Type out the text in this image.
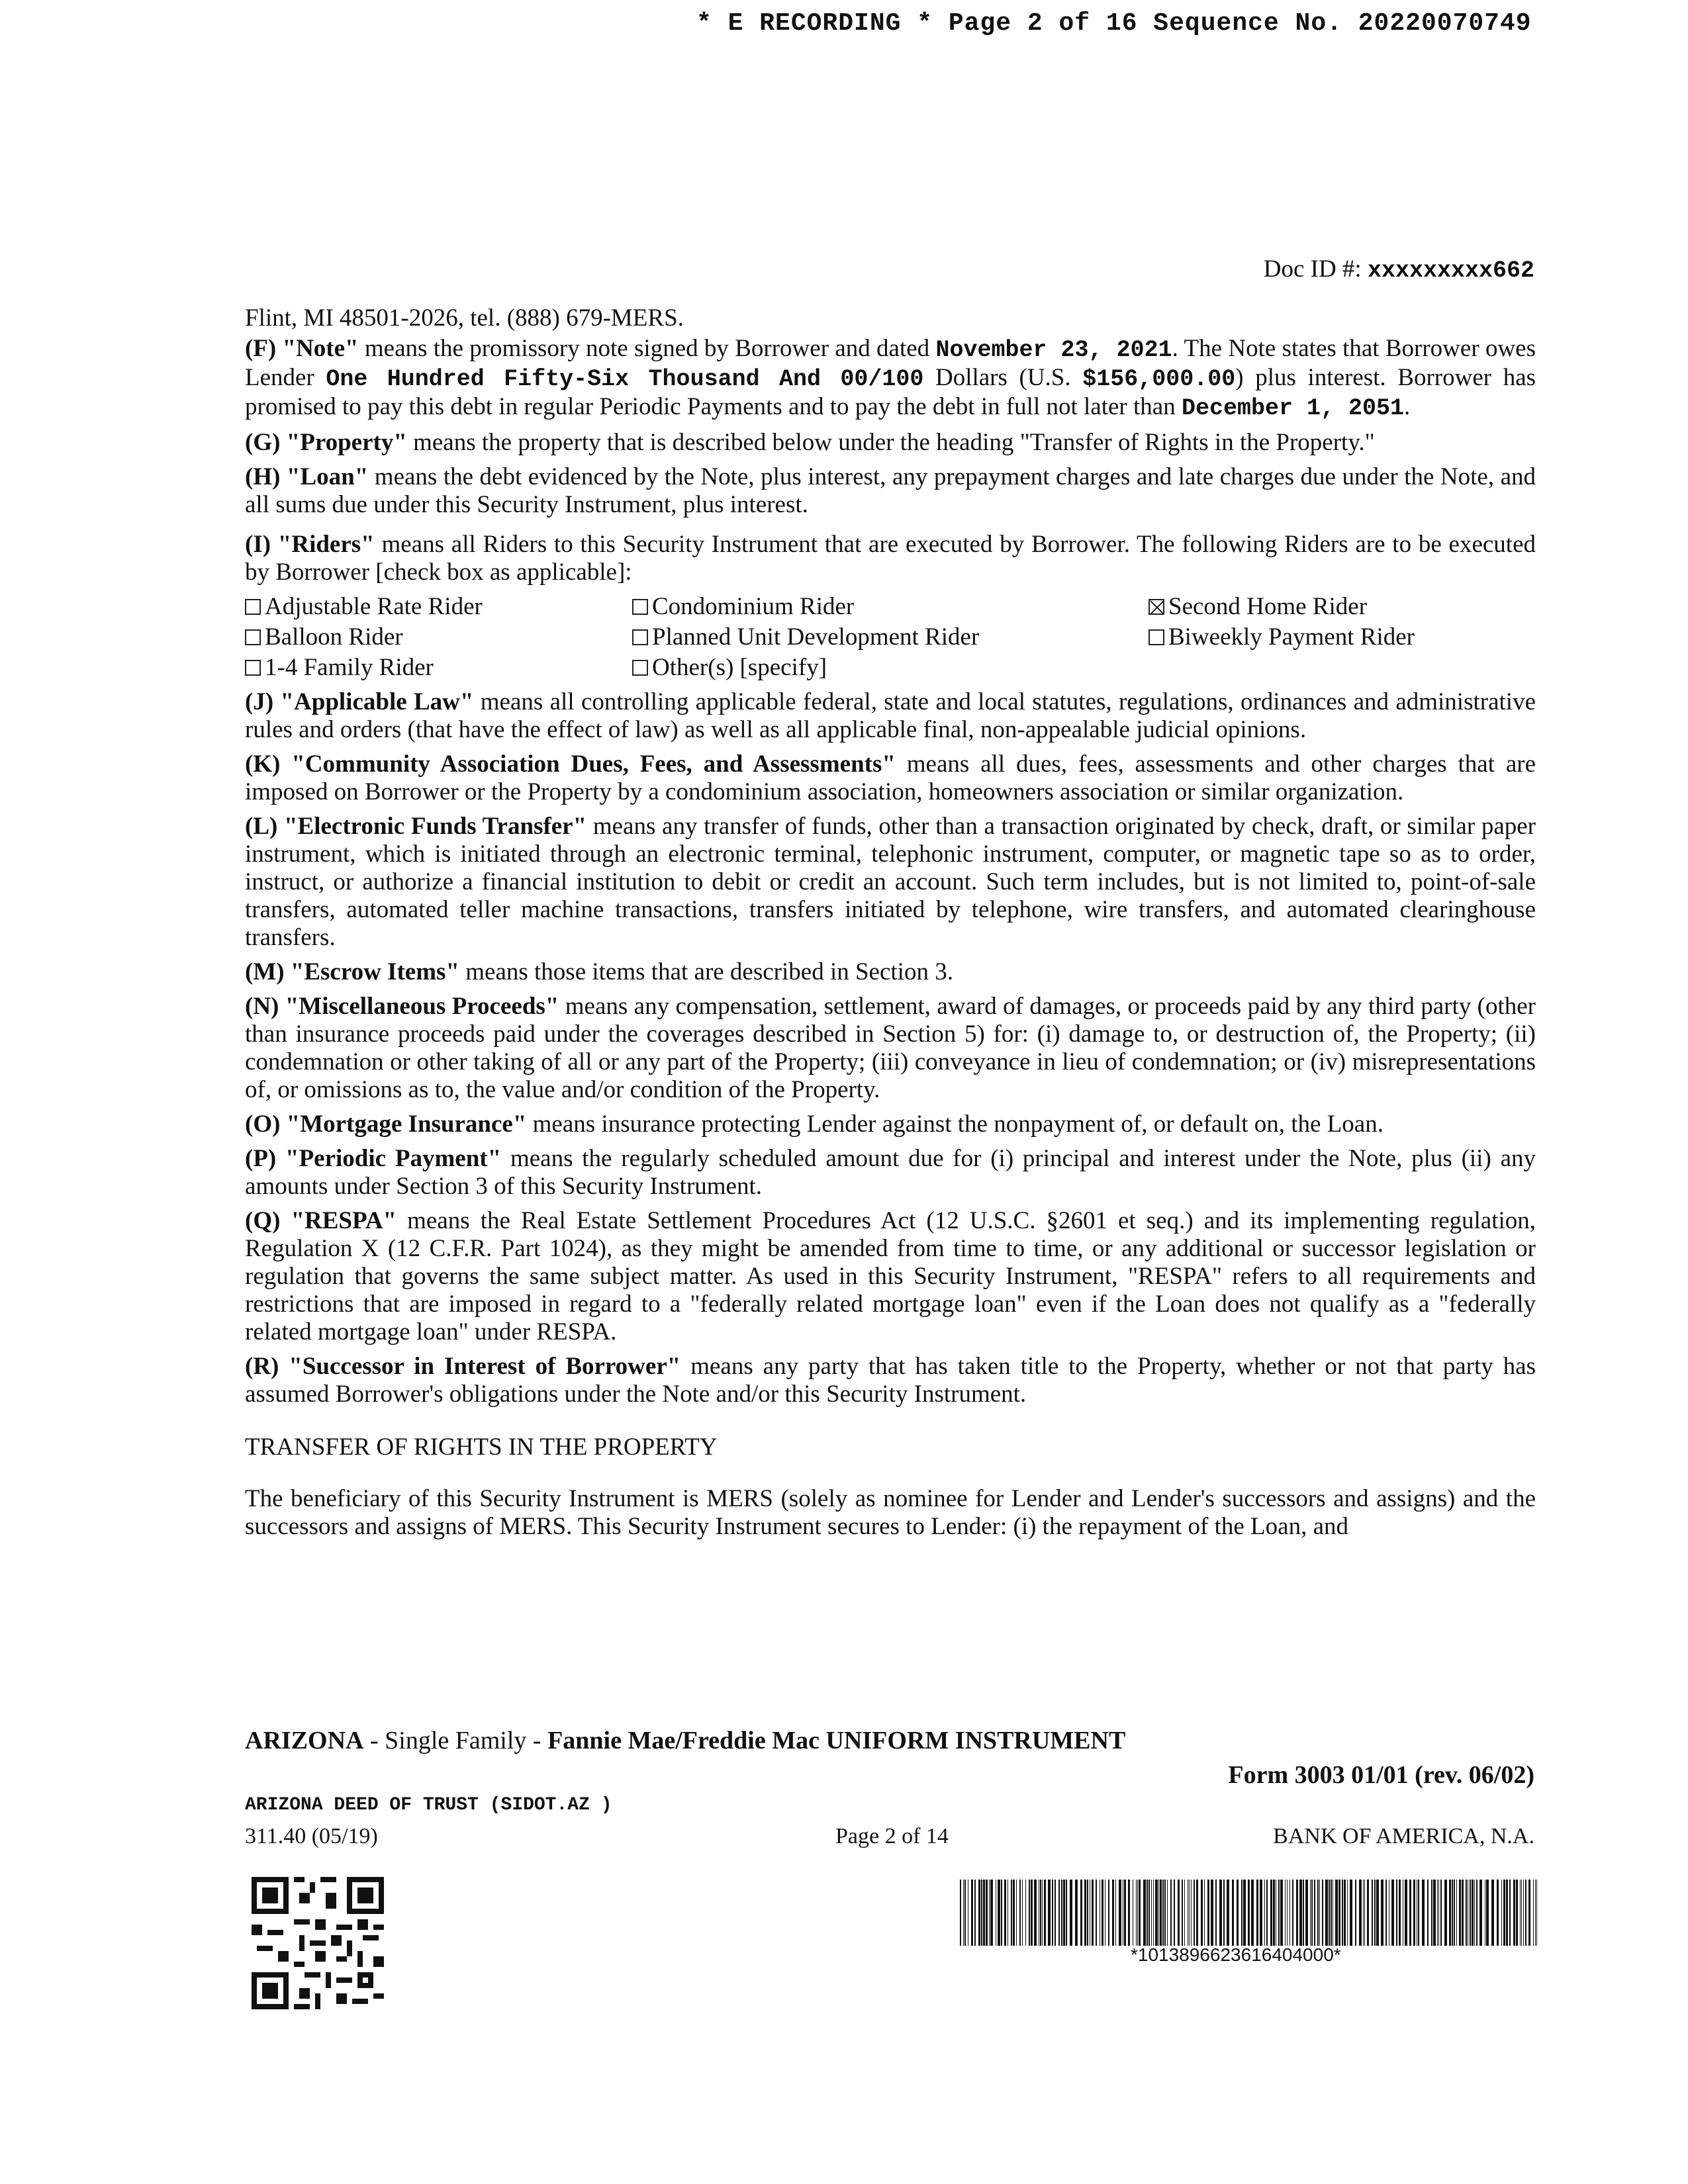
* E RECORDING * Page 2 of 16 Sequence No. 20220070749
Doc ID #: xxxxxxxxx662

Flint, MI 48501-2026, tel. (888) 679-MERS.

(F) "Note" means the promissory note signed by Borrower and dated November 23, 2021. The Note states that Borrower owes Lender One Hundred Fifty-Six Thousand And 00/100 Dollars (U.S. $156,000.00) plus interest. Borrower has promised to pay this debt in regular Periodic Payments and to pay the debt in full not later than December 1, 2051.

(G) "Property" means the property that is described below under the heading "Transfer of Rights in the Property."

(H) "Loan" means the debt evidenced by the Note, plus interest, any prepayment charges and late charges due under the Note, and all sums due under this Security Instrument, plus interest.

(I) "Riders" means all Riders to this Security Instrument that are executed by Borrower. The following Riders are to be executed by Borrower [check box as applicable]:

Adjustable Rate Rider	Condominium Rider	Second Home Rider
Balloon Rider	Planned Unit Development Rider	Biweekly Payment Rider
1-4 Family Rider	Other(s) [specify]

(J) "Applicable Law" means all controlling applicable federal, state and local statutes, regulations, ordinances and administrative rules and orders (that have the effect of law) as well as all applicable final, non-appealable judicial opinions.

(K) "Community Association Dues, Fees, and Assessments" means all dues, fees, assessments and other charges that are imposed on Borrower or the Property by a condominium association, homeowners association or similar organization.

(L) "Electronic Funds Transfer" means any transfer of funds, other than a transaction originated by check, draft, or similar paper instrument, which is initiated through an electronic terminal, telephonic instrument, computer, or magnetic tape so as to order, instruct, or authorize a financial institution to debit or credit an account. Such term includes, but is not limited to, point-of-sale transfers, automated teller machine transactions, transfers initiated by telephone, wire transfers, and automated clearinghouse transfers.

(M) "Escrow Items" means those items that are described in Section 3.

(N) "Miscellaneous Proceeds" means any compensation, settlement, award of damages, or proceeds paid by any third party (other than insurance proceeds paid under the coverages described in Section 5) for: (i) damage to, or destruction of, the Property; (ii) condemnation or other taking of all or any part of the Property; (iii) conveyance in lieu of condemnation; or (iv) misrepresentations of, or omissions as to, the value and/or condition of the Property.

(O) "Mortgage Insurance" means insurance protecting Lender against the nonpayment of, or default on, the Loan.

(P) "Periodic Payment" means the regularly scheduled amount due for (i) principal and interest under the Note, plus (ii) any amounts under Section 3 of this Security Instrument.

(Q) "RESPA" means the Real Estate Settlement Procedures Act (12 U.S.C. §2601 et seq.) and its implementing regulation, Regulation X (12 C.F.R. Part 1024), as they might be amended from time to time, or any additional or successor legislation or regulation that governs the same subject matter. As used in this Security Instrument, "RESPA" refers to all requirements and restrictions that are imposed in regard to a "federally related mortgage loan" even if the Loan does not qualify as a "federally related mortgage loan" under RESPA.

(R) "Successor in Interest of Borrower" means any party that has taken title to the Property, whether or not that party has assumed Borrower's obligations under the Note and/or this Security Instrument.

TRANSFER OF RIGHTS IN THE PROPERTY

The beneficiary of this Security Instrument is MERS (solely as nominee for Lender and Lender's successors and assigns) and the successors and assigns of MERS. This Security Instrument secures to Lender: (i) the repayment of the Loan, and

ARIZONA - Single Family - Fannie Mae/Freddie Mac UNIFORM INSTRUMENT
Form 3003 01/01 (rev. 06/02)
ARIZONA DEED OF TRUST (SIDOT.AZ )
311.40 (05/19)	Page 2 of 14	BANK OF AMERICA, N.A.
*1013896623616404000*
